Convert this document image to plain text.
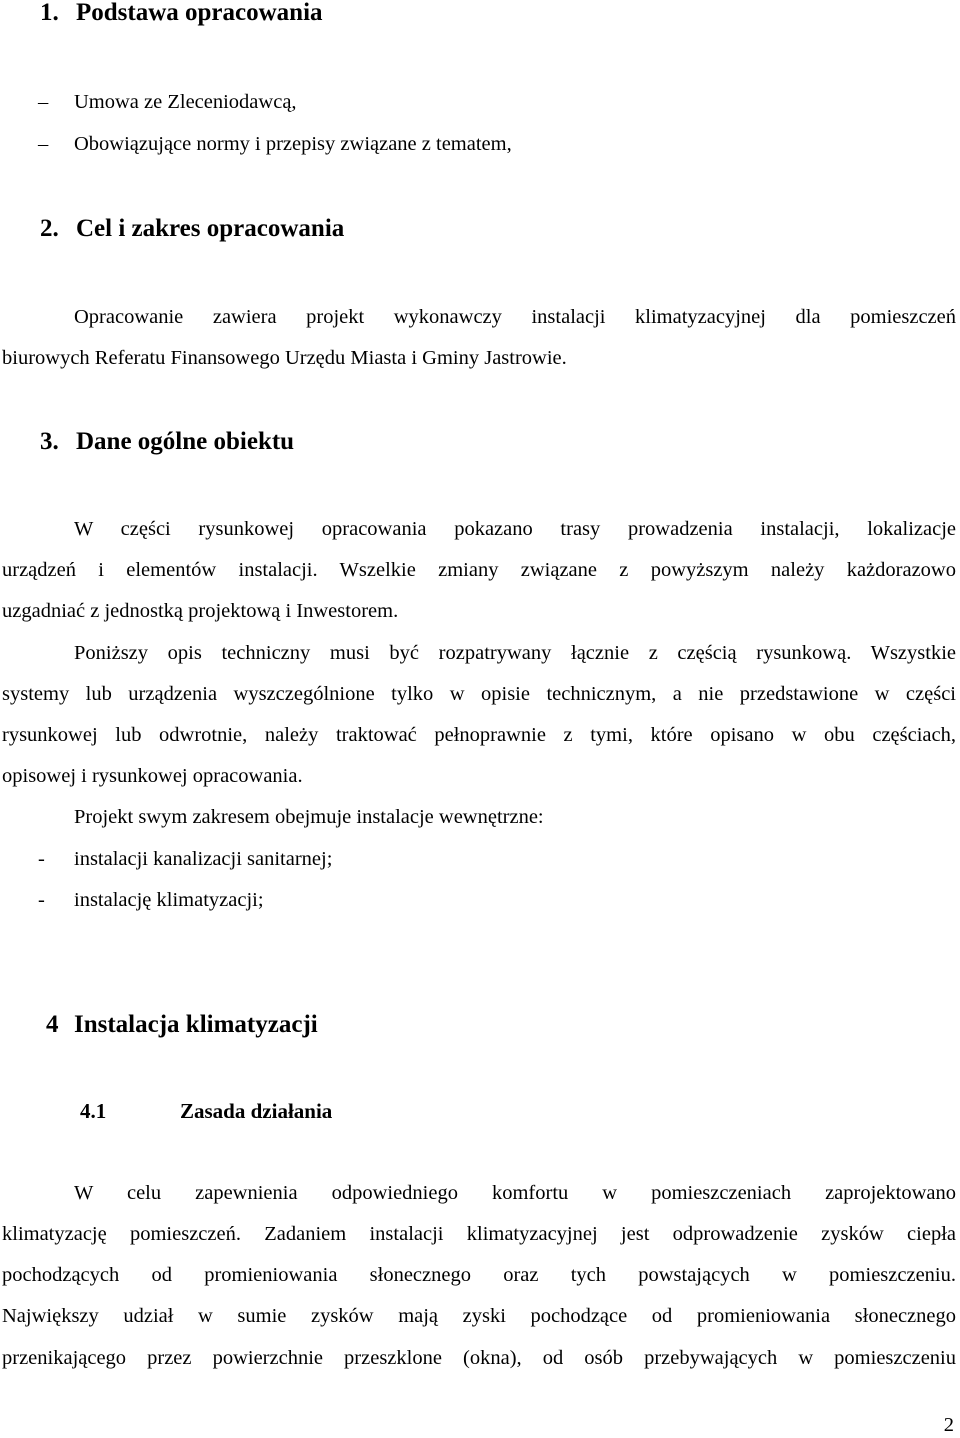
1. Podstawa opracowania
– Umowa ze Zleceniodawcą,
– Obowiązujące normy i przepisy związane z tematem,
2. Cel i zakres opracowania
Opracowanie zawiera projekt wykonawczy instalacji klimatyzacyjnej dla pomieszczeń
biurowych Referatu Finansowego Urzędu Miasta i Gminy Jastrowie.
3. Dane ogólne obiektu
W części rysunkowej opracowania pokazano trasy prowadzenia instalacji, lokalizacje
urządzeń i elementów instalacji. Wszelkie zmiany związane z powyższym należy każdorazowo
uzgadniać z jednostką projektową i Inwestorem.
Poniższy opis techniczny musi być rozpatrywany łącznie z częścią rysunkową. Wszystkie
systemy lub urządzenia wyszczególnione tylko w opisie technicznym, a nie przedstawione w części
rysunkowej lub odwrotnie, należy traktować pełnoprawnie z tymi, które opisano w obu częściach,
opisowej i rysunkowej opracowania.
Projekt swym zakresem obejmuje instalacje wewnętrzne:
- instalacji kanalizacji sanitarnej;
- instalację klimatyzacji;
4 Instalacja klimatyzacji
4.1	Zasada działania
W celu zapewnienia odpowiedniego komfortu w pomieszczeniach zaprojektowano
klimatyzację pomieszczeń. Zadaniem instalacji klimatyzacyjnej jest odprowadzenie zysków ciepła
pochodzących od promieniowania słonecznego oraz tych powstających w pomieszczeniu.
Największy udział w sumie zysków mają zyski pochodzące od promieniowania słonecznego
przenikającego przez powierzchnie przeszklone (okna), od osób przebywających w pomieszczeniu
2
